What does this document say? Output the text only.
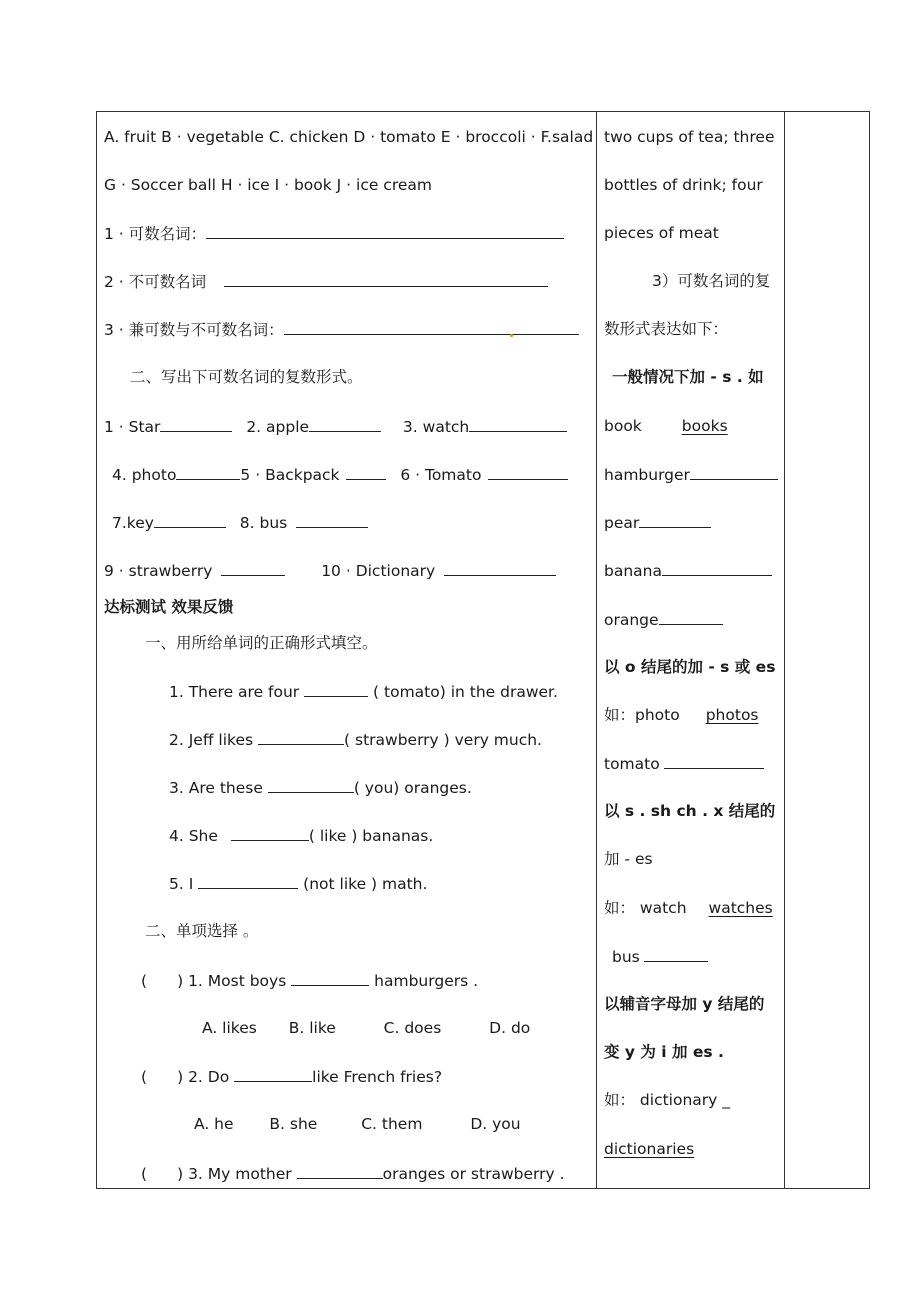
A. fruit B · vegetable C. chicken D · tomato E · broccoli · F.salad
G · Soccer ball H · ice I · book J · ice cream
1 · 可数名词：
2 · 不可数名词
3 · 兼可数与不可数名词：
二、写出下可数名词的复数形式。
1 · Star	2. apple	3. watch
4. photo	5 · Backpack	6 · Tomato
7.key	8. bus
9 · strawberry	10 · Dictionary
达标测试 效果反馈
一、用所给单词的正确形式填空。
1. There are four	( tomato) in the drawer.
2. Jeff likes	( strawberry ) very much.
3. Are these	( you) oranges.
4. She	( like ) bananas.
5. I	(not like ) math.
二、单项选择 。
( ) 1. Most boys	hamburgers .
A. likes B. like	C. does	D. do
( ) 2. Do	like French fries?
A. he B. she	C. them	D. you
( ) 3. My mother	oranges or strawberry .
two cups of tea; three
bottles of drink; four
pieces of meat
3）可数名词的复
数形式表达如下：
一般情况下加 - s . 如
book	books
hamburger
pear
banana
orange
以 o 结尾的加 - s 或 es
如：photo photos
tomato
以 s . sh ch . x 结尾的
加 - es
如： watch watches
bus
以辅音字母加 y 结尾的
变 y 为 i 加 es .
如： dictionary _
dictionaries
